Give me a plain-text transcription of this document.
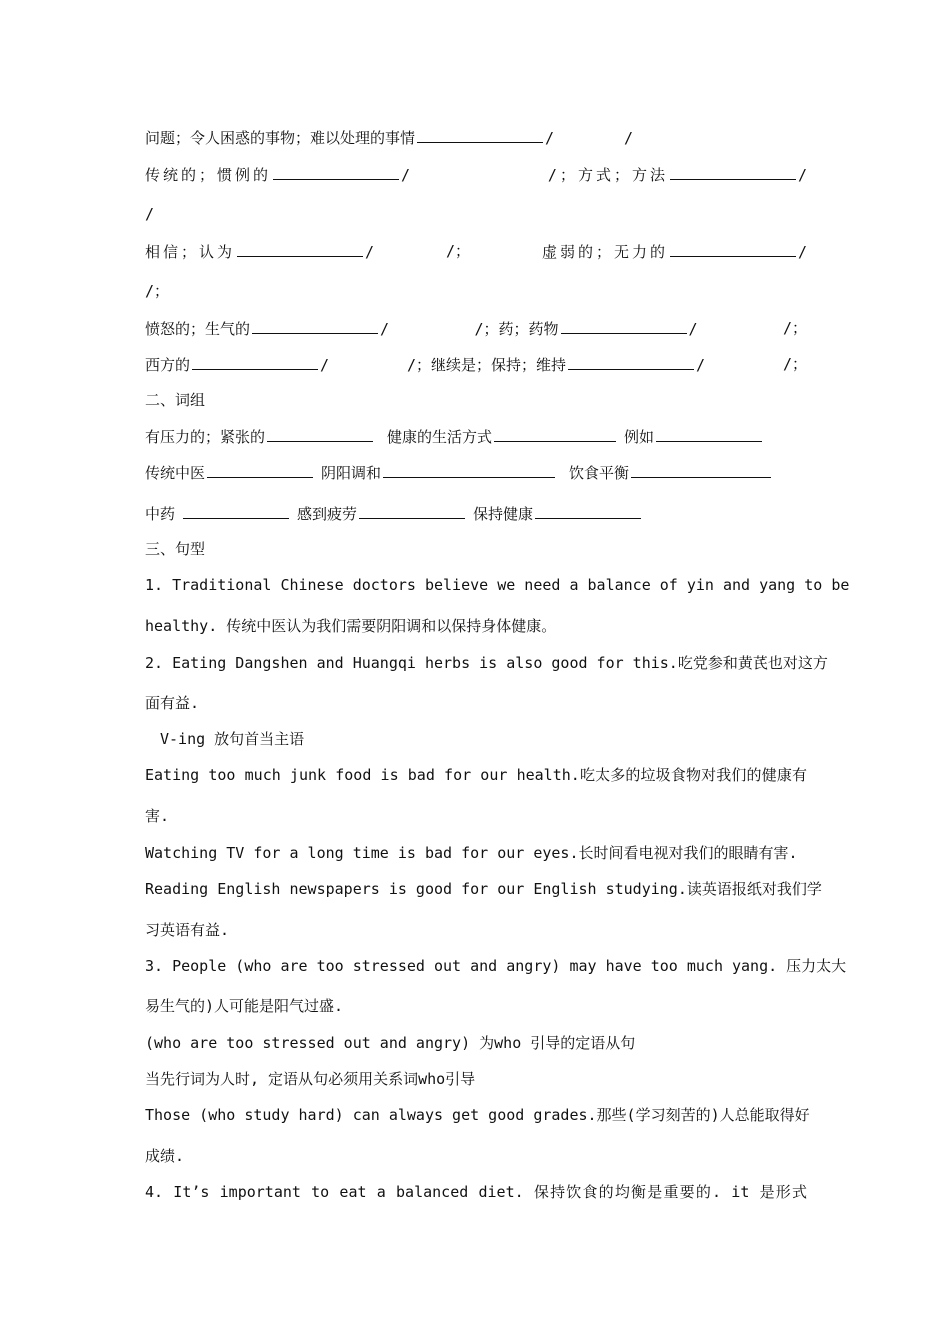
问题；令人困惑的事物；难以处理的事情	/	/
传统的；惯例的	/	/；方式；方法	/
/
相信；认为	/	/；	虚弱的；无力的	/
/；
愤怒的；生气的	/	/；药；药物	/	/；
西方的	/	/；继续是；保持；维持	/	/；
二、词组
有压力的；紧张的	健康的生活方式	例如
传统中医	阴阳调和	饮食平衡
中药	感到疲劳	保持健康
三、句型
1. Traditional Chinese doctors believe we need a balance of yin and yang to be
healthy. 传统中医认为我们需要阴阳调和以保持身体健康。
2. Eating Dangshen and Huangqi herbs is also good for this.吃党参和黄芪也对这方
面有益.
V-ing 放句首当主语
Eating too much junk food is bad for our health.吃太多的垃圾食物对我们的健康有
害.
Watching TV for a long time is bad for our eyes.长时间看电视对我们的眼睛有害.
Reading English newspapers is good for our English studying.读英语报纸对我们学
习英语有益.
3. People (who are too stressed out and angry) may have too much yang. 压力太大
易生气的)人可能是阳气过盛.
(who are too stressed out and angry) 为who 引导的定语从句
当先行词为人时, 定语从句必须用关系词who引导
Those (who study hard) can always get good grades.那些(学习刻苦的)人总能取得好
成绩.
4. It’s important to eat a balanced diet. 保持饮食的均衡是重要的. it 是形式
